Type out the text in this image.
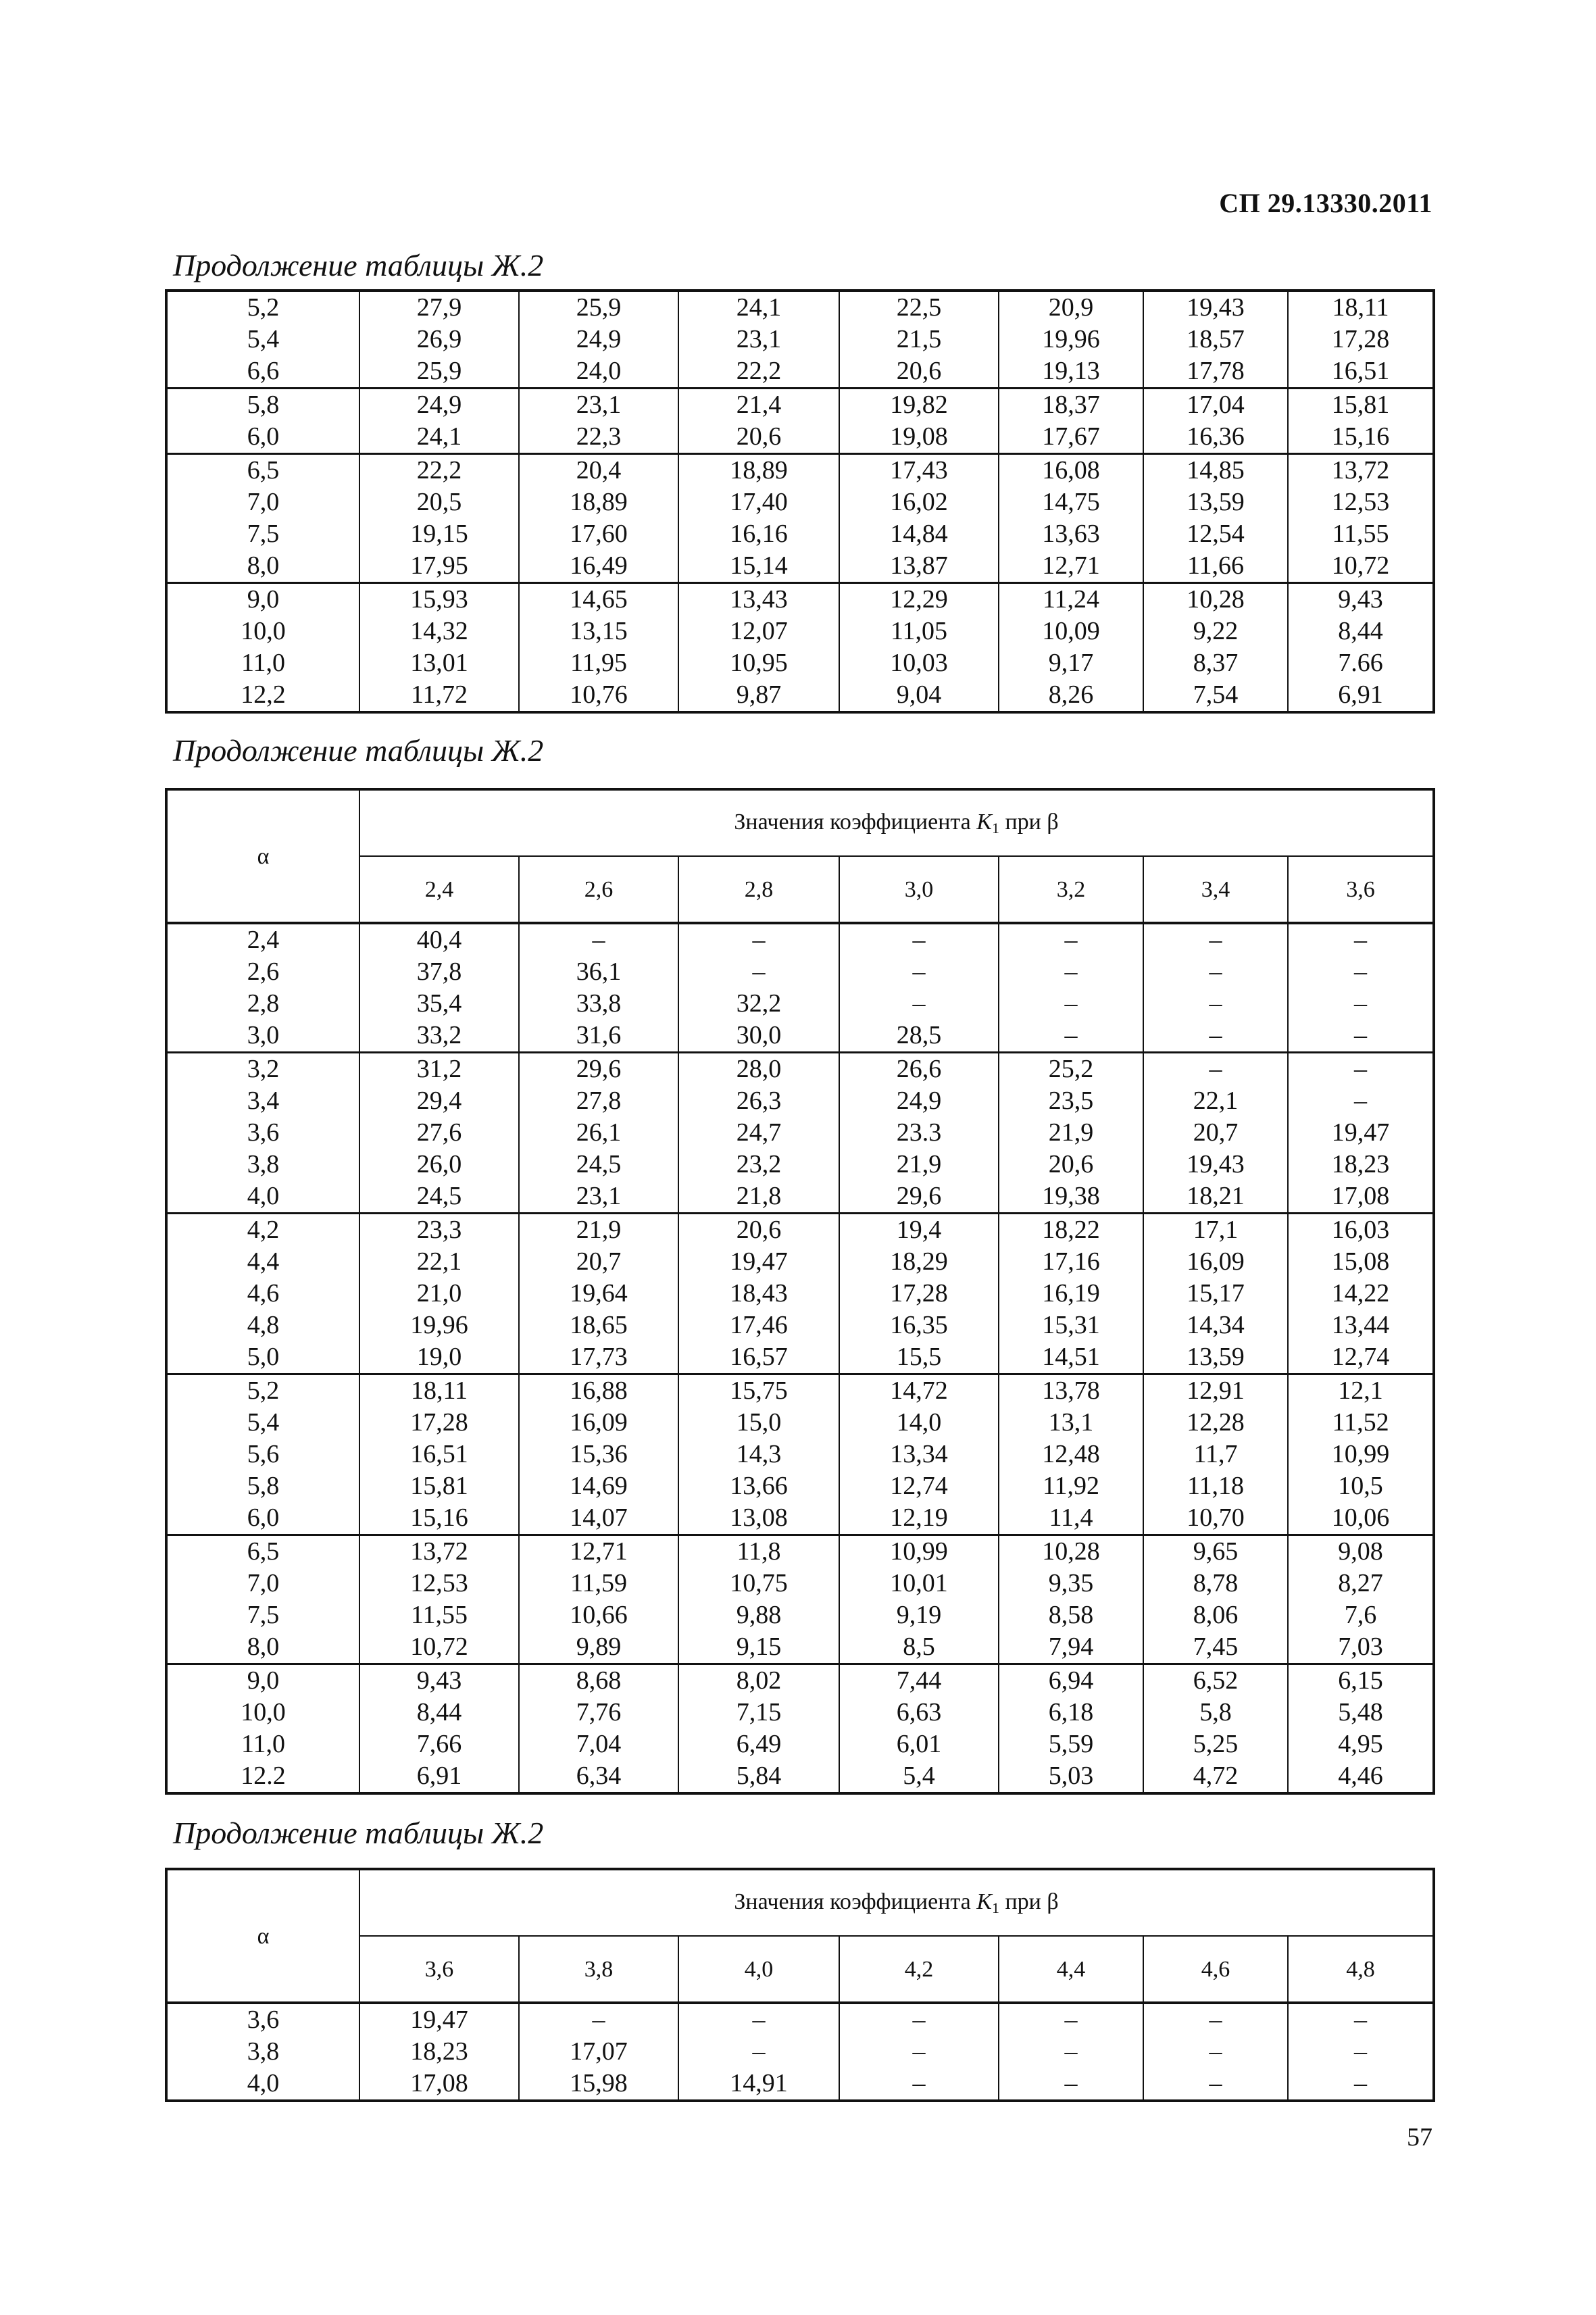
СП 29.13330.2011
Продолжение таблицы Ж.2
5,2	27,9	25,9	24,1	22,5	20,9	19,43	18,11
5,4	26,9	24,9	23,1	21,5	19,96	18,57	17,28
6,6	25,9	24,0	22,2	20,6	19,13	17,78	16,51
5,8	24,9	23,1	21,4	19,82	18,37	17,04	15,81
6,0	24,1	22,3	20,6	19,08	17,67	16,36	15,16
6,5	22,2	20,4	18,89	17,43	16,08	14,85	13,72
7,0	20,5	18,89	17,40	16,02	14,75	13,59	12,53
7,5	19,15	17,60	16,16	14,84	13,63	12,54	11,55
8,0	17,95	16,49	15,14	13,87	12,71	11,66	10,72
9,0	15,93	14,65	13,43	12,29	11,24	10,28	9,43
10,0	14,32	13,15	12,07	11,05	10,09	9,22	8,44
11,0	13,01	11,95	10,95	10,03	9,17	8,37	7.66
12,2	11,72	10,76	9,87	9,04	8,26	7,54	6,91
Продолжение таблицы Ж.2
α	Значения коэффициента K1 при β						
	2,4	2,6	2,8	3,0	3,2	3,4	3,6
2,4	40,4	–	–	–	–	–	–
2,6	37,8	36,1	–	–	–	–	–
2,8	35,4	33,8	32,2	–	–	–	–
3,0	33,2	31,6	30,0	28,5	–	–	–
3,2	31,2	29,6	28,0	26,6	25,2	–	–
3,4	29,4	27,8	26,3	24,9	23,5	22,1	–
3,6	27,6	26,1	24,7	23.3	21,9	20,7	19,47
3,8	26,0	24,5	23,2	21,9	20,6	19,43	18,23
4,0	24,5	23,1	21,8	29,6	19,38	18,21	17,08
4,2	23,3	21,9	20,6	19,4	18,22	17,1	16,03
4,4	22,1	20,7	19,47	18,29	17,16	16,09	15,08
4,6	21,0	19,64	18,43	17,28	16,19	15,17	14,22
4,8	19,96	18,65	17,46	16,35	15,31	14,34	13,44
5,0	19,0	17,73	16,57	15,5	14,51	13,59	12,74
5,2	18,11	16,88	15,75	14,72	13,78	12,91	12,1
5,4	17,28	16,09	15,0	14,0	13,1	12,28	11,52
5,6	16,51	15,36	14,3	13,34	12,48	11,7	10,99
5,8	15,81	14,69	13,66	12,74	11,92	11,18	10,5
6,0	15,16	14,07	13,08	12,19	11,4	10,70	10,06
6,5	13,72	12,71	11,8	10,99	10,28	9,65	9,08
7,0	12,53	11,59	10,75	10,01	9,35	8,78	8,27
7,5	11,55	10,66	9,88	9,19	8,58	8,06	7,6
8,0	10,72	9,89	9,15	8,5	7,94	7,45	7,03
9,0	9,43	8,68	8,02	7,44	6,94	6,52	6,15
10,0	8,44	7,76	7,15	6,63	6,18	5,8	5,48
11,0	7,66	7,04	6,49	6,01	5,59	5,25	4,95
12.2	6,91	6,34	5,84	5,4	5,03	4,72	4,46
Продолжение таблицы Ж.2
α	Значения коэффициента K1 при β						
	3,6	3,8	4,0	4,2	4,4	4,6	4,8
3,6	19,47	–	–	–	–	–	–
3,8	18,23	17,07	–	–	–	–	–
4,0	17,08	15,98	14,91	–	–	–	–
57
